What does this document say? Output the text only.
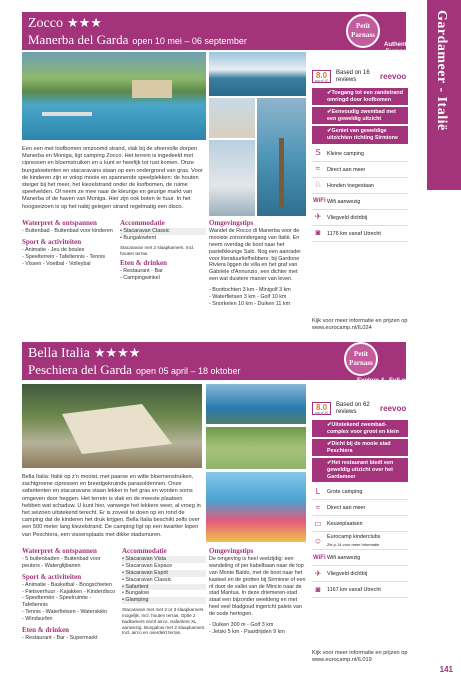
Gardameer - Italië
Zocco ★★★
Manerba del Garda open 10 mei – 06 september
Petit Parnass
Authentic Europe
Een een met loofbomen omzoomd strand, vlak bij de sfeervolle dorpen Manerba en Moniga, ligt camping Zocco. Het terrein is ingedeeld met cipressen en bloemstruiken en u kunt er heerlijk tot rust komen. Onze bungalowtenten en stacaravans staan op een ondergrond van gras. Voor de kinderen zijn er volop mooie en spannende speelplekken: de houten steiger bij het meer, het kiezelstrand onder de loofbomen, de ruime speelvelden. Of neem ze mee naar de kleurige en geurige markt van Manerba of de haven van Moniga. Hier zijn ook boten te huur. In het hoogseizoen is op het nabij gelegen strand regelmatig een disco.
Waterpret & ontspannen
- Buitenbad - Buitenbad voor kinderen
Sport & activiteiten
- Animatie - Jeu de boules
- Speelterrein - Tafeltennis - Tennis
- Vissen - Voetbal - Volleybal
Accommodatie
• Stacaravan Classic
• Bungalowtent
Stacaravan met 2 slaapkamers. Incl. houten terras.
Eten & drinken
- Restaurant - Bar
- Campingwinkel
Omgevingstips
Wandel de Rocco di Manerba voor de mooiste zonsondergang van Italië. En neem overdag de boot naar het pastelkleurige Salò. Nog een aanrader voor literatuurliefhebbers: bij Gardone Riviera liggen de villa en het graf van Gabriele d'Annunzio, een dichter met een wat duistere manier van leven.
- Boottochten 3 km - Minigolf 3 km
- Waterfietsen 3 km - Golf 10 km
- Snorkelen 10 km - Duiken 11 km
8.0
out of 10
Based on 16 reviews	reevoo
✔Toegang tot een zandstrand omringd door loofbomen
✔Eenvoudig zwembad met een geweldig uitzicht
✔Geniet van geweldige uitzichten richting Sirmione
S	Kleine camping
≈	Direct aan meer
♘ Honden toegestaan
WiFi Wifi aanwezig
✈	Vliegveld dichtbij
◙	1176 km vanaf Utrecht
Kijk voor meer informatie en prijzen op www.eurocamp.nl/IL024
Bella Italia ★★★★
Peschiera del Garda open 05 april – 18 oktober
Petit Parnass
Explore & Adventure
Full on Fun
Topselectie
Bella Italia: Italië op z'n mooist, met paarse en witte bloemenstruiken, zachtgroene cipressen en breedgekruinde parasoldennen. Onze safaritenten en stacaravans staan lekker in het gras en worden soms omgeven door heggen. Het terrein is vlak en de meeste plaatsen hebben wat schaduw. U kunt hier, vanwege het lekkere weer, al vroeg in het seizoen uitstekend terecht. Er is zoveel te doen op en rond de camping dat de kinderen het druk krijgen. Bella Italia beschikt zelfs over een 500 meter lang kiezelstrand. De camping ligt op een kwartier lopen van Peschiera, een vissersplaats met dikke stadsmuren.
Waterpret & ontspannen
- 5 buitenbaden - Buitenbad voor peuters - Waterglijbanen
Sport & activiteiten
- Animatie - Basketbal - Boogschieten
- Fietsverhuur - Kajakken - Kinderdisco
- Speelterrein - Speelruimte - Tafeltennis
- Tennis - Waterfietsen - Waterskiën
- Windsurfen
Eten & drinken
- Restaurant - Bar - Supermarkt
Accommodatie
• Stacaravan Vista
• Stacaravan Espace
• Stacaravan Esprit
• Stacaravan Classic
• Safaritent
• Bungalow
• Glamping
Stacaravan met met 2 or 3 slaapkamers mogelijk. Incl. houten terras. Optie 2 badkamers en/of airco. Safaritent XL aanwezig. Bungalow met 2 slaapkamers. Incl. airco en overdekt terras.
Omgevingstips
De omgeving is heel veelzijdig: een wandeling of per kabelbaan naar de top van Monte Baldo, met de boot naar het kasteel en de grotten bij Sirmione of een rit door de vallei van de Mincio naar de stad Mantua. In deze driemeren-stad staat een bijzonder weelderig en met heel veel bladgoud ingericht paleis van de oude hertogen.
- Duiken 300 m - Golf 3 km
- Jetski 5 km - Paardrijden 9 km
8.0
out of 10
Based on 62 reviews	reevoo
✔Uitstekend zwembad-complex voor groot en klein
✔Dicht bij de mooie stad Peschiera
✔Het restaurant biedt een geweldig uitzicht over het Gardameer
L	Grote camping
≈	Direct aan meer
▭ Keuzeplaatsen
☺ Eurocamp kinderclubs
Zie p.14 voor meer informatie
WiFi Wifi aanwezig
✈	Vliegveld dichtbij
◙	1167 km vanaf Utrecht
Kijk voor meer informatie en prijzen op www.eurocamp.nl/IL019
141
